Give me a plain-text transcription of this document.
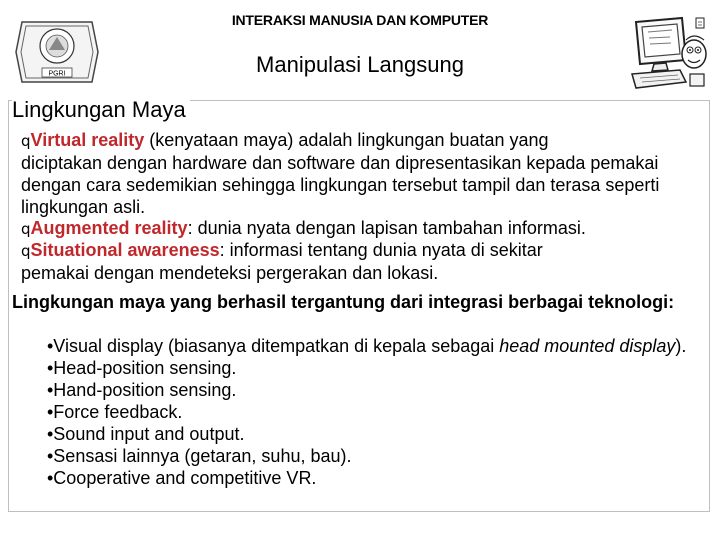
INTERAKSI MANUSIA DAN KOMPUTER
PGRI	Manipulasi Langsung
Lingkungan Maya
qVirtual reality (kenyataan maya) adalah lingkungan buatan yang
diciptakan dengan hardware dan software dan dipresentasikan kepada pemakai dengan cara sedemikian sehingga lingkungan tersebut tampil dan terasa seperti lingkungan asli.
qAugmented reality: dunia nyata dengan lapisan tambahan informasi.
qSituational awareness: informasi tentang dunia nyata di sekitar
pemakai dengan mendeteksi pergerakan dan lokasi.
Lingkungan maya yang berhasil tergantung dari integrasi berbagai teknologi:
•Visual display (biasanya ditempatkan di kepala sebagai head mounted display).
•Head-position sensing.
•Hand-position sensing.
•Force feedback.
•Sound input and output.
•Sensasi lainnya (getaran, suhu, bau).
•Cooperative and competitive VR.
